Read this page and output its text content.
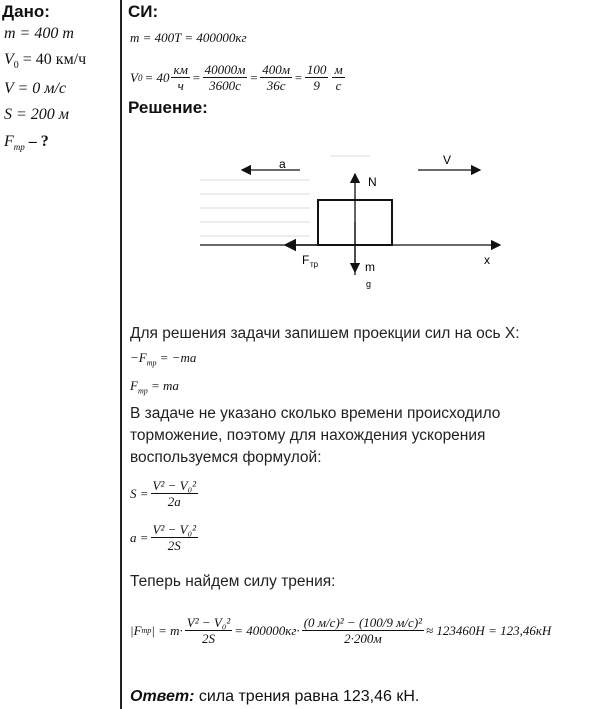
Дано:
m = 400 т
$V_0 = 40$ км/ч
V = 0 м/с
S = 200 м
$F_{тр}$ – ?
СИ:
m = 400T = 400000кг
V $0 = 40 \frac{км}{ч} = \frac{40000м}{3600с} = \frac{400м}{36с} = \frac{100}{9} \frac{м}{с}$
Решение:
a	V
N
F тр	x
m
g
Для решения задачи запишем проекции сил на ось X:
$-F_{тр} = -ma$
$F_{тр}$ = ma
В задаче не указано сколько времени происходило
торможение, поэтому для нахождения ускорения
воспользуемся формулой:
$S = \frac{\text{V² − V₀²}}{2a}$
$a = \frac{\text{V² − V₀²}}{2S}$
Теперь найдем силу трения:
|F тр | = $m\cdot \frac{\text{V² − V₀²}}{2S} = 400000кг\cdot \frac{\text{(0 м/с)² − (100/9 м/с)²}}{2\cdot 200м} \approx 123460Н = 123,46кН$
Ответ: сила трения равна 123,46 кН.
